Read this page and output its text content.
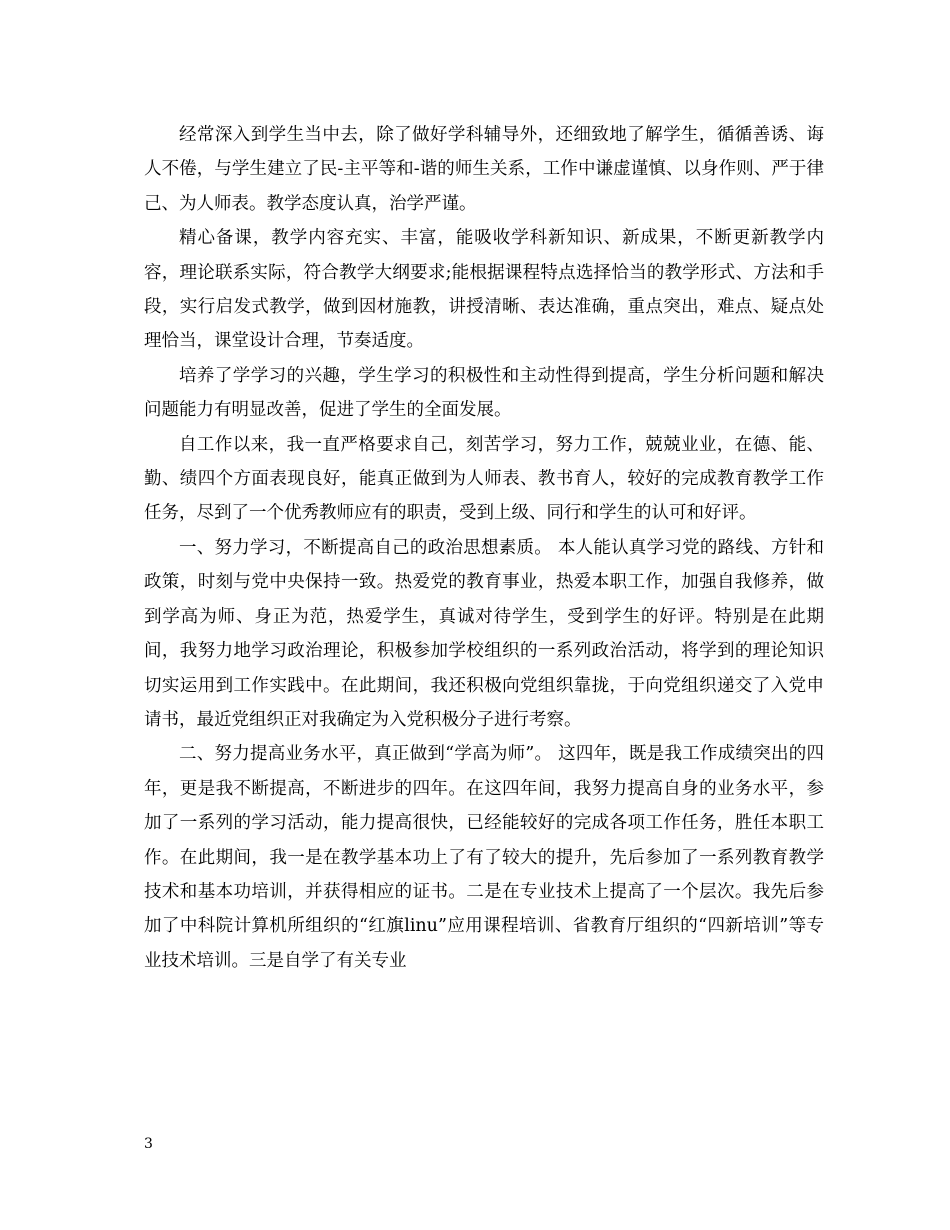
经常深入到学生当中去，除了做好学科辅导外，还细致地了解学生，循循善诱、诲人不倦，与学生建立了民-主平等和-谐的师生关系，工作中谦虚谨慎、以身作则、严于律己、为人师表。教学态度认真，治学严谨。

精心备课，教学内容充实、丰富，能吸收学科新知识、新成果，不断更新教学内容，理论联系实际，符合教学大纲要求;能根据课程特点选择恰当的教学形式、方法和手段，实行启发式教学，做到因材施教，讲授清晰、表达准确，重点突出，难点、疑点处理恰当，课堂设计合理，节奏适度。

培养了学学习的兴趣，学生学习的积极性和主动性得到提高，学生分析问题和解决问题能力有明显改善，促进了学生的全面发展。

自工作以来，我一直严格要求自己，刻苦学习，努力工作，兢兢业业，在德、能、勤、绩四个方面表现良好，能真正做到为人师表、教书育人，较好的完成教育教学工作任务，尽到了一个优秀教师应有的职责，受到上级、同行和学生的认可和好评。

一、努力学习，不断提高自己的政治思想素质。 本人能认真学习党的路线、方针和政策，时刻与党中央保持一致。热爱党的教育事业，热爱本职工作，加强自我修养，做到学高为师、身正为范，热爱学生，真诚对待学生，受到学生的好评。特别是在此期间，我努力地学习政治理论，积极参加学校组织的一系列政治活动，将学到的理论知识切实运用到工作实践中。在此期间，我还积极向党组织靠拢，于向党组织递交了入党申请书，最近党组织正对我确定为入党积极分子进行考察。

二、努力提高业务水平，真正做到“学高为师”。 这四年，既是我工作成绩突出的四年，更是我不断提高，不断进步的四年。在这四年间，我努力提高自身的业务水平，参加了一系列的学习活动，能力提高很快，已经能较好的完成各项工作任务，胜任本职工作。在此期间，我一是在教学基本功上了有了较大的提升，先后参加了一系列教育教学技术和基本功培训，并获得相应的证书。二是在专业技术上提高了一个层次。我先后参加了中科院计算机所组织的“红旗linu”应用课程培训、省教育厅组织的“四新培训”等专业技术培训。三是自学了有关专业

3
